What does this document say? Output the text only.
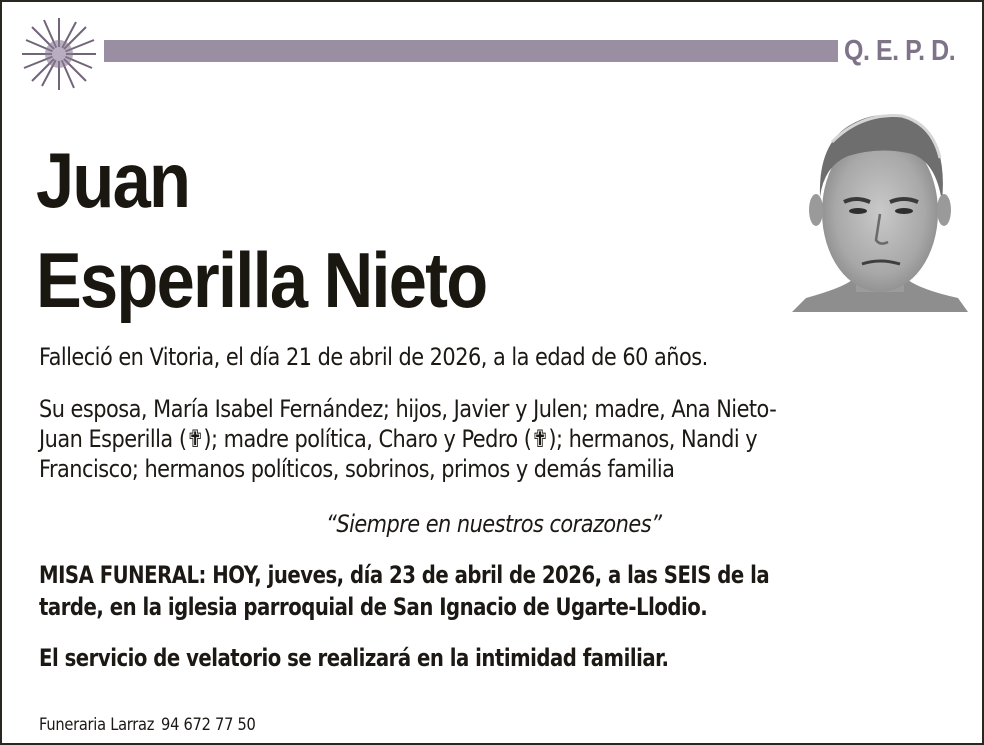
Q. E. P. D.
Juan
Esperilla Nieto
Falleció en Vitoria, el día 21 de abril de 2026, a la edad de 60 años.
Su esposa, María Isabel Fernández; hijos, Javier y Julen; madre, Ana Nieto-
Juan Esperilla (✟); madre política, Charo y Pedro (✟); hermanos, Nandi y
Francisco; hermanos políticos, sobrinos, primos y demás familia
“Siempre en nuestros corazones”
MISA FUNERAL: HOY, jueves, día 23 de abril de 2026, a las SEIS de la
tarde, en la iglesia parroquial de San Ignacio de Ugarte-Llodio.
El servicio de velatorio se realizará en la intimidad familiar.
Funeraria Larraz 94 672 77 50
